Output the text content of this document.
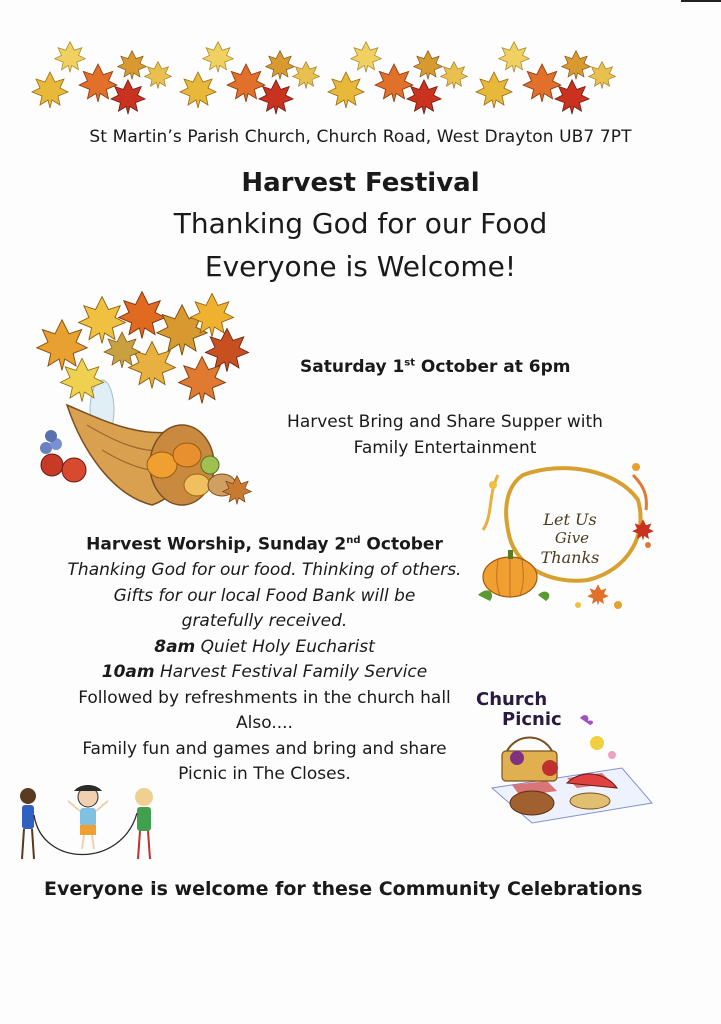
St Martin’s Parish Church, Church Road, West Drayton UB7 7PT
Harvest Festival
Thanking God for our Food
Everyone is Welcome!
Saturday 1st October at 6pm
Harvest Bring and Share Supper with
Family Entertainment
Let Us
Give
Thanks
Harvest Worship, Sunday 2nd October
Thanking God for our food. Thinking of others.
Gifts for our local Food Bank will be
gratefully received.
8am Quiet Holy Eucharist
10am Harvest Festival Family Service
Followed by refreshments in the church hall
Also....
Family fun and games and bring and share
Picnic in The Closes.
Church
Picnic
Everyone is welcome for these Community Celebrations
